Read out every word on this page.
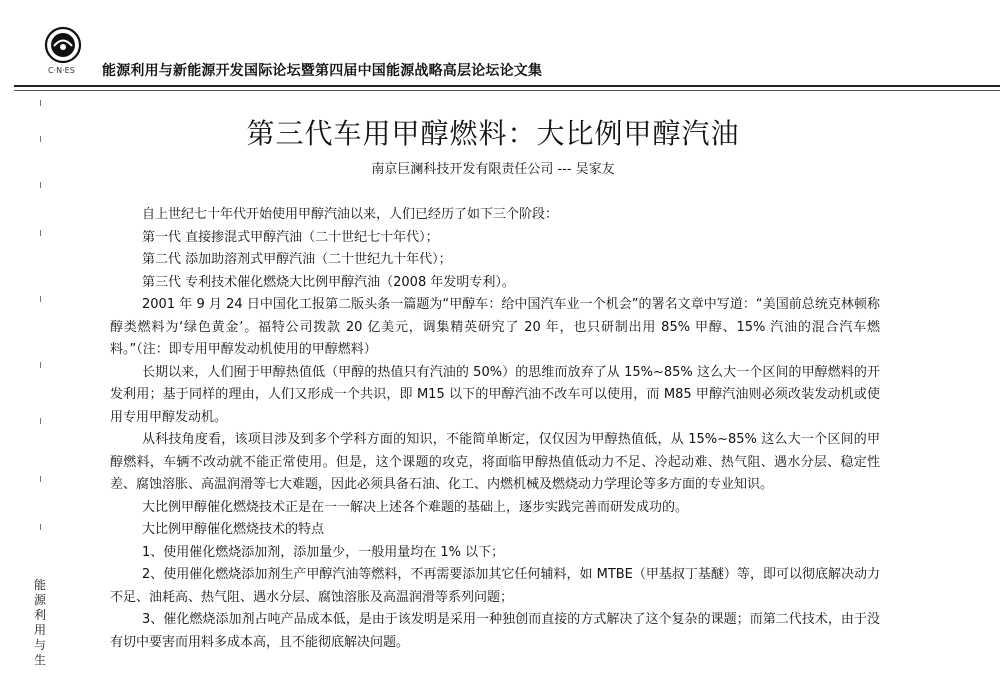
C·N·ES 能源利用与新能源开发国际论坛暨第四届中国能源战略高层论坛论文集
能源利用与生
第三代车用甲醇燃料：大比例甲醇汽油
南京巨澜科技开发有限责任公司 --- 吴家友

自上世纪七十年代开始使用甲醇汽油以来，人们已经历了如下三个阶段：

第一代 直接掺混式甲醇汽油（二十世纪七十年代）；

第二代 添加助溶剂式甲醇汽油（二十世纪九十年代）；

第三代 专利技术催化燃烧大比例甲醇汽油（2008 年发明专利）。

2001 年 9 月 24 日中国化工报第二版头条一篇题为“甲醇车：给中国汽车业一个机会”的署名文章中写道：“美国前总统克林顿称醇类燃料为‘绿色黄金’。福特公司拨款 20 亿美元，调集精英研究了 20 年，也只研制出用 85% 甲醇、15% 汽油的混合汽车燃料。”（注：即专用甲醇发动机使用的甲醇燃料）

长期以来，人们囿于甲醇热值低（甲醇的热值只有汽油的 50%）的思维而放弃了从 15%~85% 这么大一个区间的甲醇燃料的开发利用；基于同样的理由，人们又形成一个共识，即 M15 以下的甲醇汽油不改车可以使用，而 M85 甲醇汽油则必须改装发动机或使用专用甲醇发动机。

从科技角度看，该项目涉及到多个学科方面的知识，不能简单断定，仅仅因为甲醇热值低，从 15%~85% 这么大一个区间的甲醇燃料，车辆不改动就不能正常使用。但是，这个课题的攻克，将面临甲醇热值低动力不足、冷起动难、热气阻、遇水分层、稳定性差、腐蚀溶胀、高温润滑等七大难题，因此必须具备石油、化工、内燃机械及燃烧动力学理论等多方面的专业知识。

大比例甲醇催化燃烧技术正是在一一解决上述各个难题的基础上，逐步实践完善而研发成功的。

大比例甲醇催化燃烧技术的特点

1、使用催化燃烧添加剂，添加量少，一般用量均在 1% 以下；

2、使用催化燃烧添加剂生产甲醇汽油等燃料，不再需要添加其它任何辅料，如 MTBE（甲基叔丁基醚）等，即可以彻底解决动力不足、油耗高、热气阻、遇水分层、腐蚀溶胀及高温润滑等系列问题；

3、催化燃烧添加剂占吨产品成本低，是由于该发明是采用一种独创而直接的方式解决了这个复杂的课题；而第二代技术，由于没有切中要害而用料多成本高，且不能彻底解决问题。
